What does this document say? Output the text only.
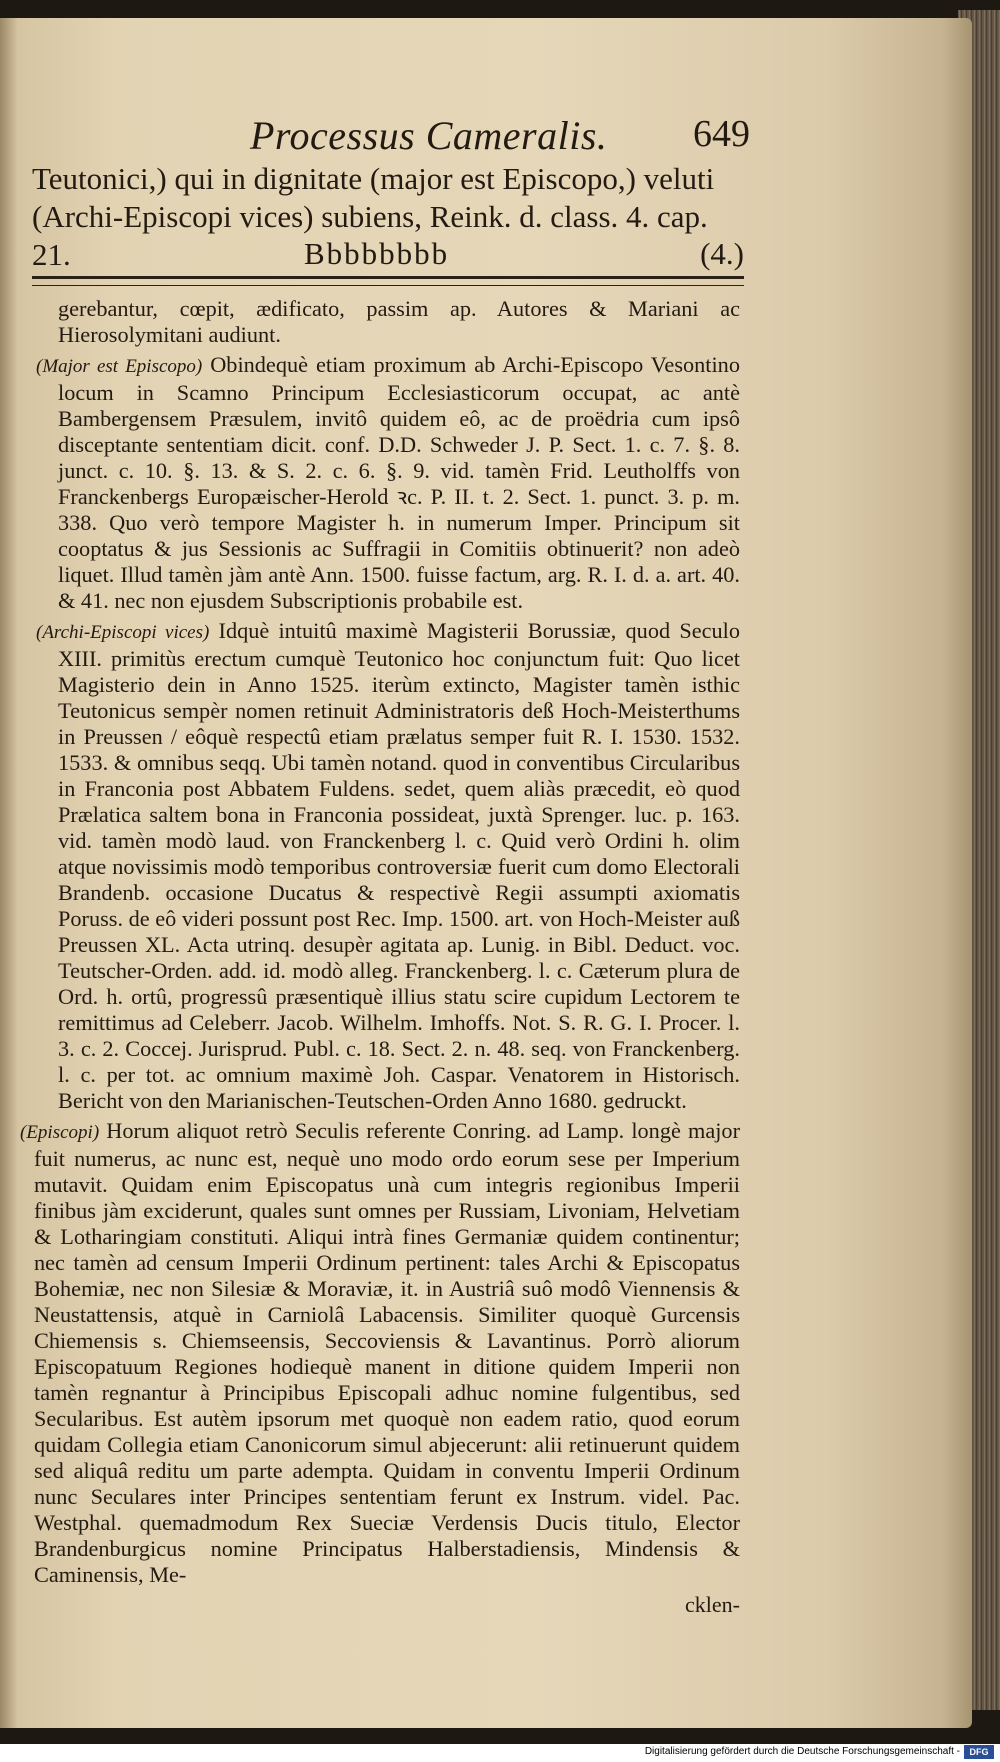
Processus Cameralis. 649
Teutonici,) qui in dignitate (major est Episcopo,) veluti (Archi-Episcopi vices) subiens, Reink. d. class. 4. cap. 21.	Bbbbbbbb	(4.)

gerebantur, cœpit, ædificato, passim ap. Autores & Mariani ac Hierosolymitani audiunt.

(Major est Episcopo) Obindequè etiam proximum ab Archi-Episcopo Vesontino locum in Scamno Principum Ecclesiasticorum occupat, ac antè Bambergensem Præsulem, invitô quidem eô, ac de proëdria cum ipsô disceptante sententiam dicit. conf. D.D. Schweder J. P. Sect. 1. c. 7. §. 8. junct. c. 10. §. 13. & S. 2. c. 6. §. 9. vid. tamèn Frid. Leutholffs von Franckenbergs Europæischer-Herold ꝛc. P. II. t. 2. Sect. 1. punct. 3. p. m. 338. Quo verò tempore Magister h. in numerum Imper. Principum sit cooptatus & jus Sessionis ac Suffragii in Comitiis obtinuerit? non adeò liquet. Illud tamèn jàm antè Ann. 1500. fuisse factum, arg. R. I. d. a. art. 40. & 41. nec non ejusdem Subscriptionis probabile est.

(Archi-Episcopi vices) Idquè intuitû maximè Magisterii Borussiæ, quod Seculo XIII. primitùs erectum cumquè Teutonico hoc conjunctum fuit: Quo licet Magisterio dein in Anno 1525. iterùm extincto, Magister tamèn isthic Teutonicus sempèr nomen retinuit Administratoris deß Hoch-Meisterthums in Preussen / eôquè respectû etiam prælatus semper fuit R. I. 1530. 1532. 1533. & omnibus seqq. Ubi tamèn notand. quod in conventibus Circularibus in Franconia post Abbatem Fuldens. sedet, quem aliàs præcedit, eò quod Prælatica saltem bona in Franconia possideat, juxtà Sprenger. luc. p. 163. vid. tamèn modò laud. von Franckenberg l. c. Quid verò Ordini h. olim atque novissimis modò temporibus controversiæ fuerit cum domo Electorali Brandenb. occasione Ducatus & respectivè Regii assumpti axiomatis Poruss. de eô videri possunt post Rec. Imp. 1500. art. von Hoch-Meister auß Preussen XL. Acta utrinq. desupèr agitata ap. Lunig. in Bibl. Deduct. voc. Teutscher-Orden. add. id. modò alleg. Franckenberg. l. c. Cæterum plura de Ord. h. ortû, progressû præsentiquè illius statu scire cupidum Lectorem te remittimus ad Celeberr. Jacob. Wilhelm. Imhoffs. Not. S. R. G. I. Procer. l. 3. c. 2. Coccej. Jurisprud. Publ. c. 18. Sect. 2. n. 48. seq. von Franckenberg. l. c. per tot. ac omnium maximè Joh. Caspar. Venatorem in Historisch. Bericht von den Marianischen-Teutschen-Orden Anno 1680. gedruckt.

(Episcopi) Horum aliquot retrò Seculis referente Conring. ad Lamp. longè major fuit numerus, ac nunc est, nequè uno modo ordo eorum sese per Imperium mutavit. Quidam enim Episcopatus unà cum integris regionibus Imperii finibus jàm exciderunt, quales sunt omnes per Russiam, Livoniam, Helvetiam & Lotharingiam constituti. Aliqui intrà fines Germaniæ quidem continentur; nec tamèn ad censum Imperii Ordinum pertinent: tales Archi & Episcopatus Bohemiæ, nec non Silesiæ & Moraviæ, it. in Austriâ suô modô Viennensis & Neustattensis, atquè in Carniolâ Labacensis. Similiter quoquè Gurcensis Chiemensis s. Chiemseensis, Seccoviensis & Lavantinus. Porrò aliorum Episcopatuum Regiones hodiequè manent in ditione quidem Imperii non tamèn regnantur à Principibus Episcopali adhuc nomine fulgentibus, sed Secularibus. Est autèm ipsorum met quoquè non eadem ratio, quod eorum quidam Collegia etiam Canonicorum simul abjecerunt: alii retinuerunt quidem sed aliquâ reditu um parte adempta. Quidam in conventu Imperii Ordinum nunc Seculares inter Principes sententiam ferunt ex Instrum. videl. Pac. Westphal. quemadmodum Rex Sueciæ Verdensis Ducis titulo, Elector Brandenburgicus nomine Principatus Halberstadiensis, Mindensis & Caminensis, Me-

cklen-
Digitalisierung gefördert durch die Deutsche Forschungsgemeinschaft -	DFG
